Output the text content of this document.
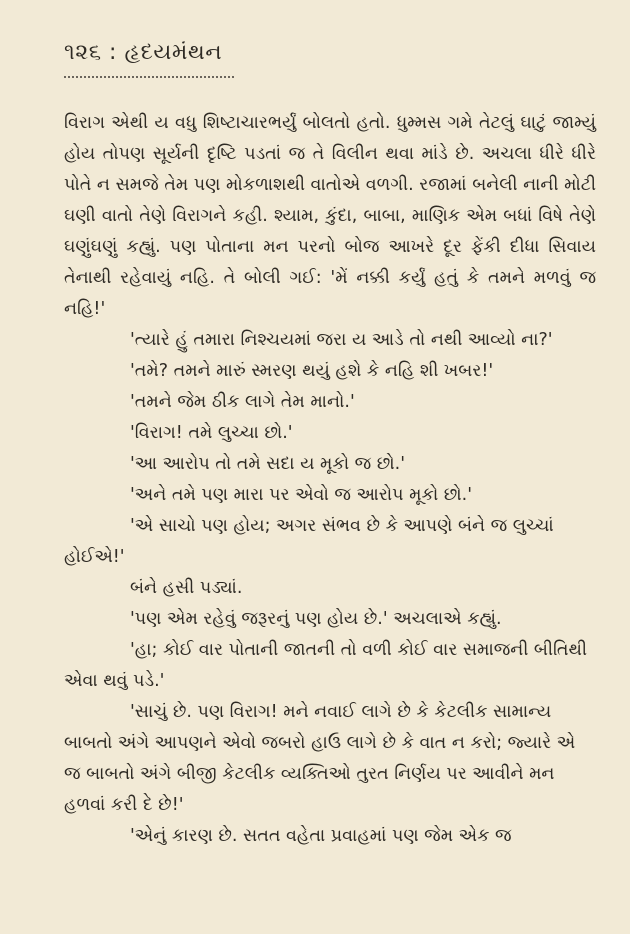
૧૨૬ : હૃદયમંથન

વિરાગ એથી ય વધુ શિષ્ટાચારભર્યું બોલતો હતો. ધુમ્મસ ગમે તેટલું ઘાટું જામ્યું હોય તોપણ સૂર્યની દૃષ્ટિ પડતાં જ તે વિલીન થવા માંડે છે. અચલા ધીરે ધીરે પોતે ન સમજે તેમ પણ મોકળાશથી વાતોએ વળગી. રજામાં બનેલી નાની મોટી ઘણી વાતો તેણે વિરાગને કહી. શ્યામ, કુંદા, બાબા, માણિક એમ બધાં વિષે તેણે ઘણુંઘણું કહ્યું. પણ પોતાના મન પરનો બોજ આખરે દૂર ફેંકી દીધા સિવાય તેનાથી રહેવાયું નહિ. તે બોલી ગઈ: 'મેં નક્કી કર્યું હતું કે તમને મળવું જ નહિ!'

'ત્યારે હું તમારા નિશ્ચયમાં જરા ય આડે તો નથી આવ્યો ના?'

'તમે? તમને મારું સ્મરણ થયું હશે કે નહિ શી ખબર!'

'તમને જેમ ઠીક લાગે તેમ માનો.'

'વિરાગ! તમે લુચ્ચા છો.'

'આ આરોપ તો તમે સદા ય મૂકો જ છો.'

'અને તમે પણ મારા પર એવો જ આરોપ મૂકો છો.'

'એ સાચો પણ હોય; અગર સંભવ છે કે આપણે બંને જ લુચ્ચાં હોઈએ!'

બંને હસી પડ્યાં.

'પણ એમ રહેવું જરૂરનું પણ હોય છે.' અચલાએ કહ્યું.

'હા; કોઈ વાર પોતાની જાતની તો વળી કોઈ વાર સમાજની બીતિથી એવા થવું પડે.'

'સાચું છે. પણ વિરાગ! મને નવાઈ લાગે છે કે કેટલીક સામાન્ય બાબતો અંગે આપણને એવો જબરો હાઉ લાગે છે કે વાત ન કરો; જ્યારે એ જ બાબતો અંગે બીજી કેટલીક વ્યક્તિઓ તુરત નિર્ણય પર આવીને મન હળવાં કરી દે છે!'

'એનું કારણ છે. સતત વહેતા પ્રવાહમાં પણ જેમ એક જ
